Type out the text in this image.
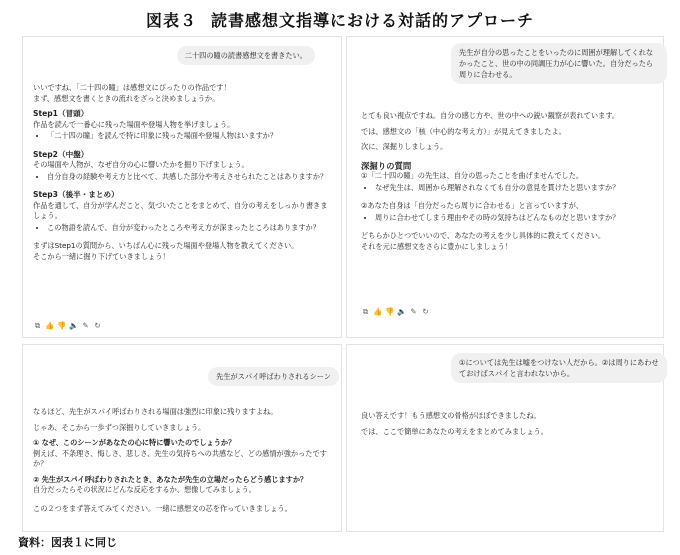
図表３ 読書感想文指導における対話的アプローチ
二十四の瞳の読書感想文を書きたい。

いいですね、「二十四の瞳」は感想文にぴったりの作品です！

まず、感想文を書くときの流れをざっと決めましょうか。

Step1（冒頭）

作品を読んで一番心に残った場面や登場人物を挙げましょう。

• 「二十四の瞳」を読んで特に印象に残った場面や登場人物はいますか？

Step2（中盤）

その場面や人物が、なぜ自分の心に響いたかを掘り下げましょう。

• 自分自身の経験や考え方と比べて、共感した部分や考えさせられたことはありますか？

Step3（後半・まとめ）

作品を通して、自分が学んだこと、気づいたことをまとめて、自分の考えをしっかり書きましょう。

• この物語を読んで、自分が変わったところや考え方が深まったところはありますか？

まずはStep1の質問から、いちばん心に残った場面や登場人物を教えてください。

そこから一緒に掘り下げていきましょう！

⧉ 👍 👎 🔈 ✎ ↻
先生が自分の思ったことをいったのに周囲が理解してくれなかったこと、世の中の同調圧力が心に響いた。自分だったら周りに合わせる。

とても良い視点ですね。自分の感じ方や、世の中への鋭い観察が表れています。

では、感想文の「核（中心的な考え方）」が見えてきましたよ。

次に、深掘りしましょう。

深掘りの質問

①「二十四の瞳」の先生は、自分の思ったことを曲げませんでした。

• なぜ先生は、周囲から理解されなくても自分の意見を貫けたと思いますか？

②あなた自身は「自分だったら周りに合わせる」と言っていますが、

• 周りに合わせてしまう理由やその時の気持ちはどんなものだと思いますか？

どちらかひとつでいいので、あなたの考えを少し具体的に教えてください。

それを元に感想文をさらに豊かにしましょう！

⧉ 👍 👎 🔈 ✎ ↻
先生がスパイ呼ばわりされるシーン

なるほど、先生がスパイ呼ばわりされる場面は強烈に印象に残りますよね。

じゃあ、そこから一歩ずつ深掘りしていきましょう。

① なぜ、このシーンがあなたの心に特に響いたのでしょうか？

例えば、不条理さ、悔しさ、悲しさ、先生の気持ちへの共感など、どの感情が強かったですか？

② 先生がスパイ呼ばわりされたとき、あなたが先生の立場だったらどう感じますか？

自分だったらその状況にどんな反応をするか、想像してみましょう。

この２つをまず答えてみてください。一緒に感想文の芯を作っていきましょう。

①については先生は嘘をつけない人だから。②は周りにあわせておけばスパイと言われないから。

良い答えです！もう感想文の骨格がほぼできましたね。

では、ここで簡単にあなたの考えをまとめてみましょう。

資料：図表１に同じ
